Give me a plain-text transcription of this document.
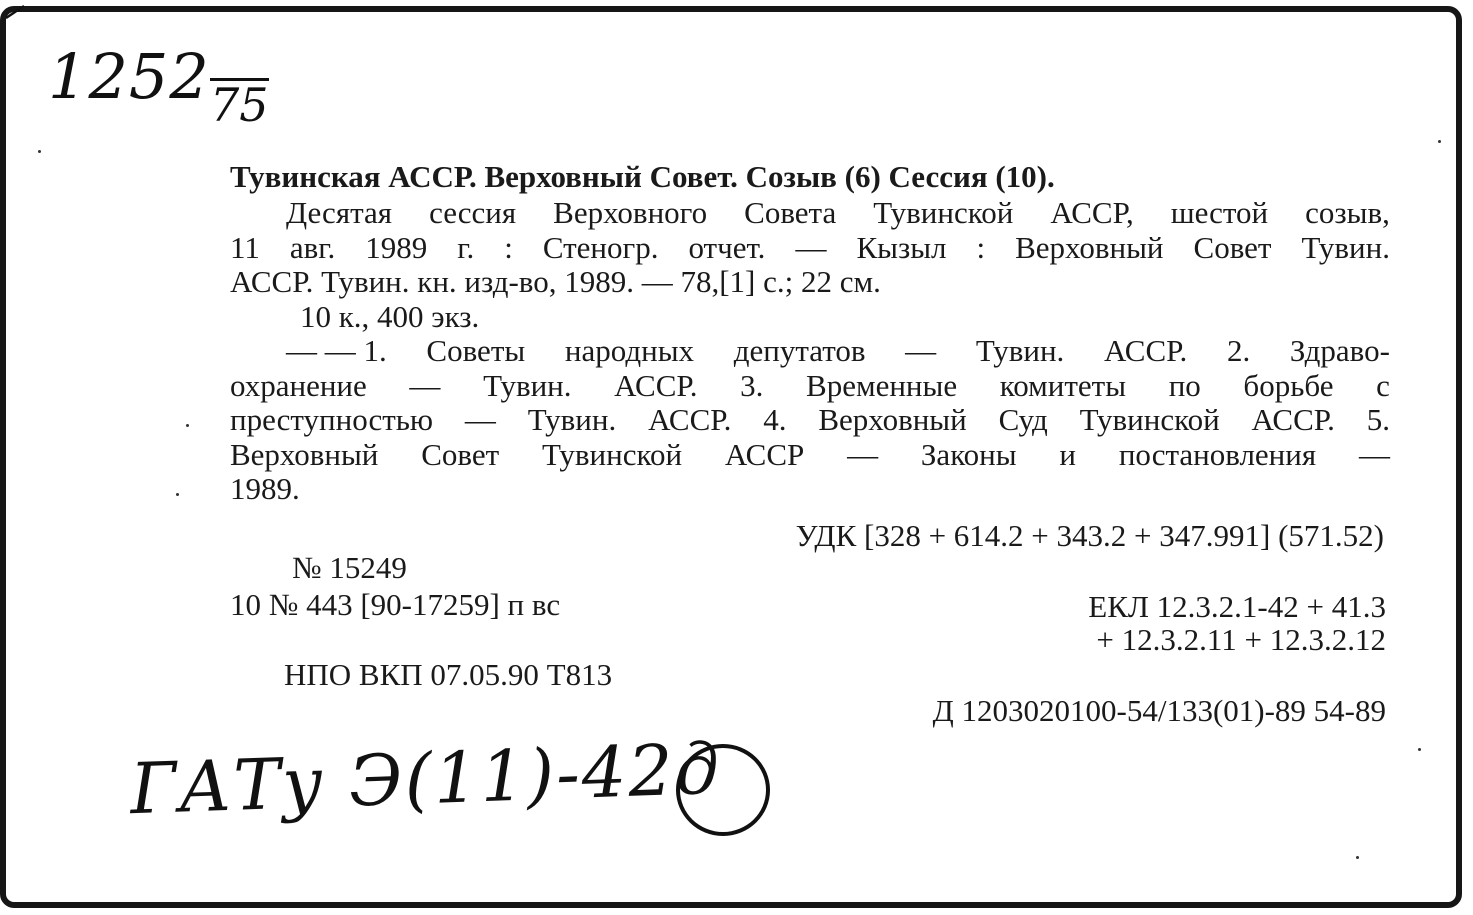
1252 75
Тувинская АССР. Верховный Совет. Созыв (6) Сессия (10).
Десятая сессия Верховного Совета Тувинской АССР, шестой созыв,
11 авг. 1989 г. : Стеногр. отчет. — Кызыл : Верховный Совет Тувин.
АССР. Тувин. кн. изд-во, 1989. — 78,[1] с.; 22 см.
10 к., 400 экз.
— — 1. Советы народных депутатов — Тувин. АССР. 2. Здраво-
охранение — Тувин. АССР. 3. Временные комитеты по борьбе с
преступностью — Тувин. АССР. 4. Верховный Суд Тувинской АССР. 5.
Верховный Совет Тувинской АССР — Законы и постановления —
1989.
УДК [328 + 614.2 + 343.2 + 347.991] (571.52)
№ 15249
10 № 443 [90-17259] п вс	ЕКЛ 12.3.2.1-42 + 41.3
+ 12.3.2.11 + 12.3.2.12
НПО ВКП 07.05.90 Т813
Д 1203020100-54/133(01)-89 54-89
ГАТу Э(11)-42д
